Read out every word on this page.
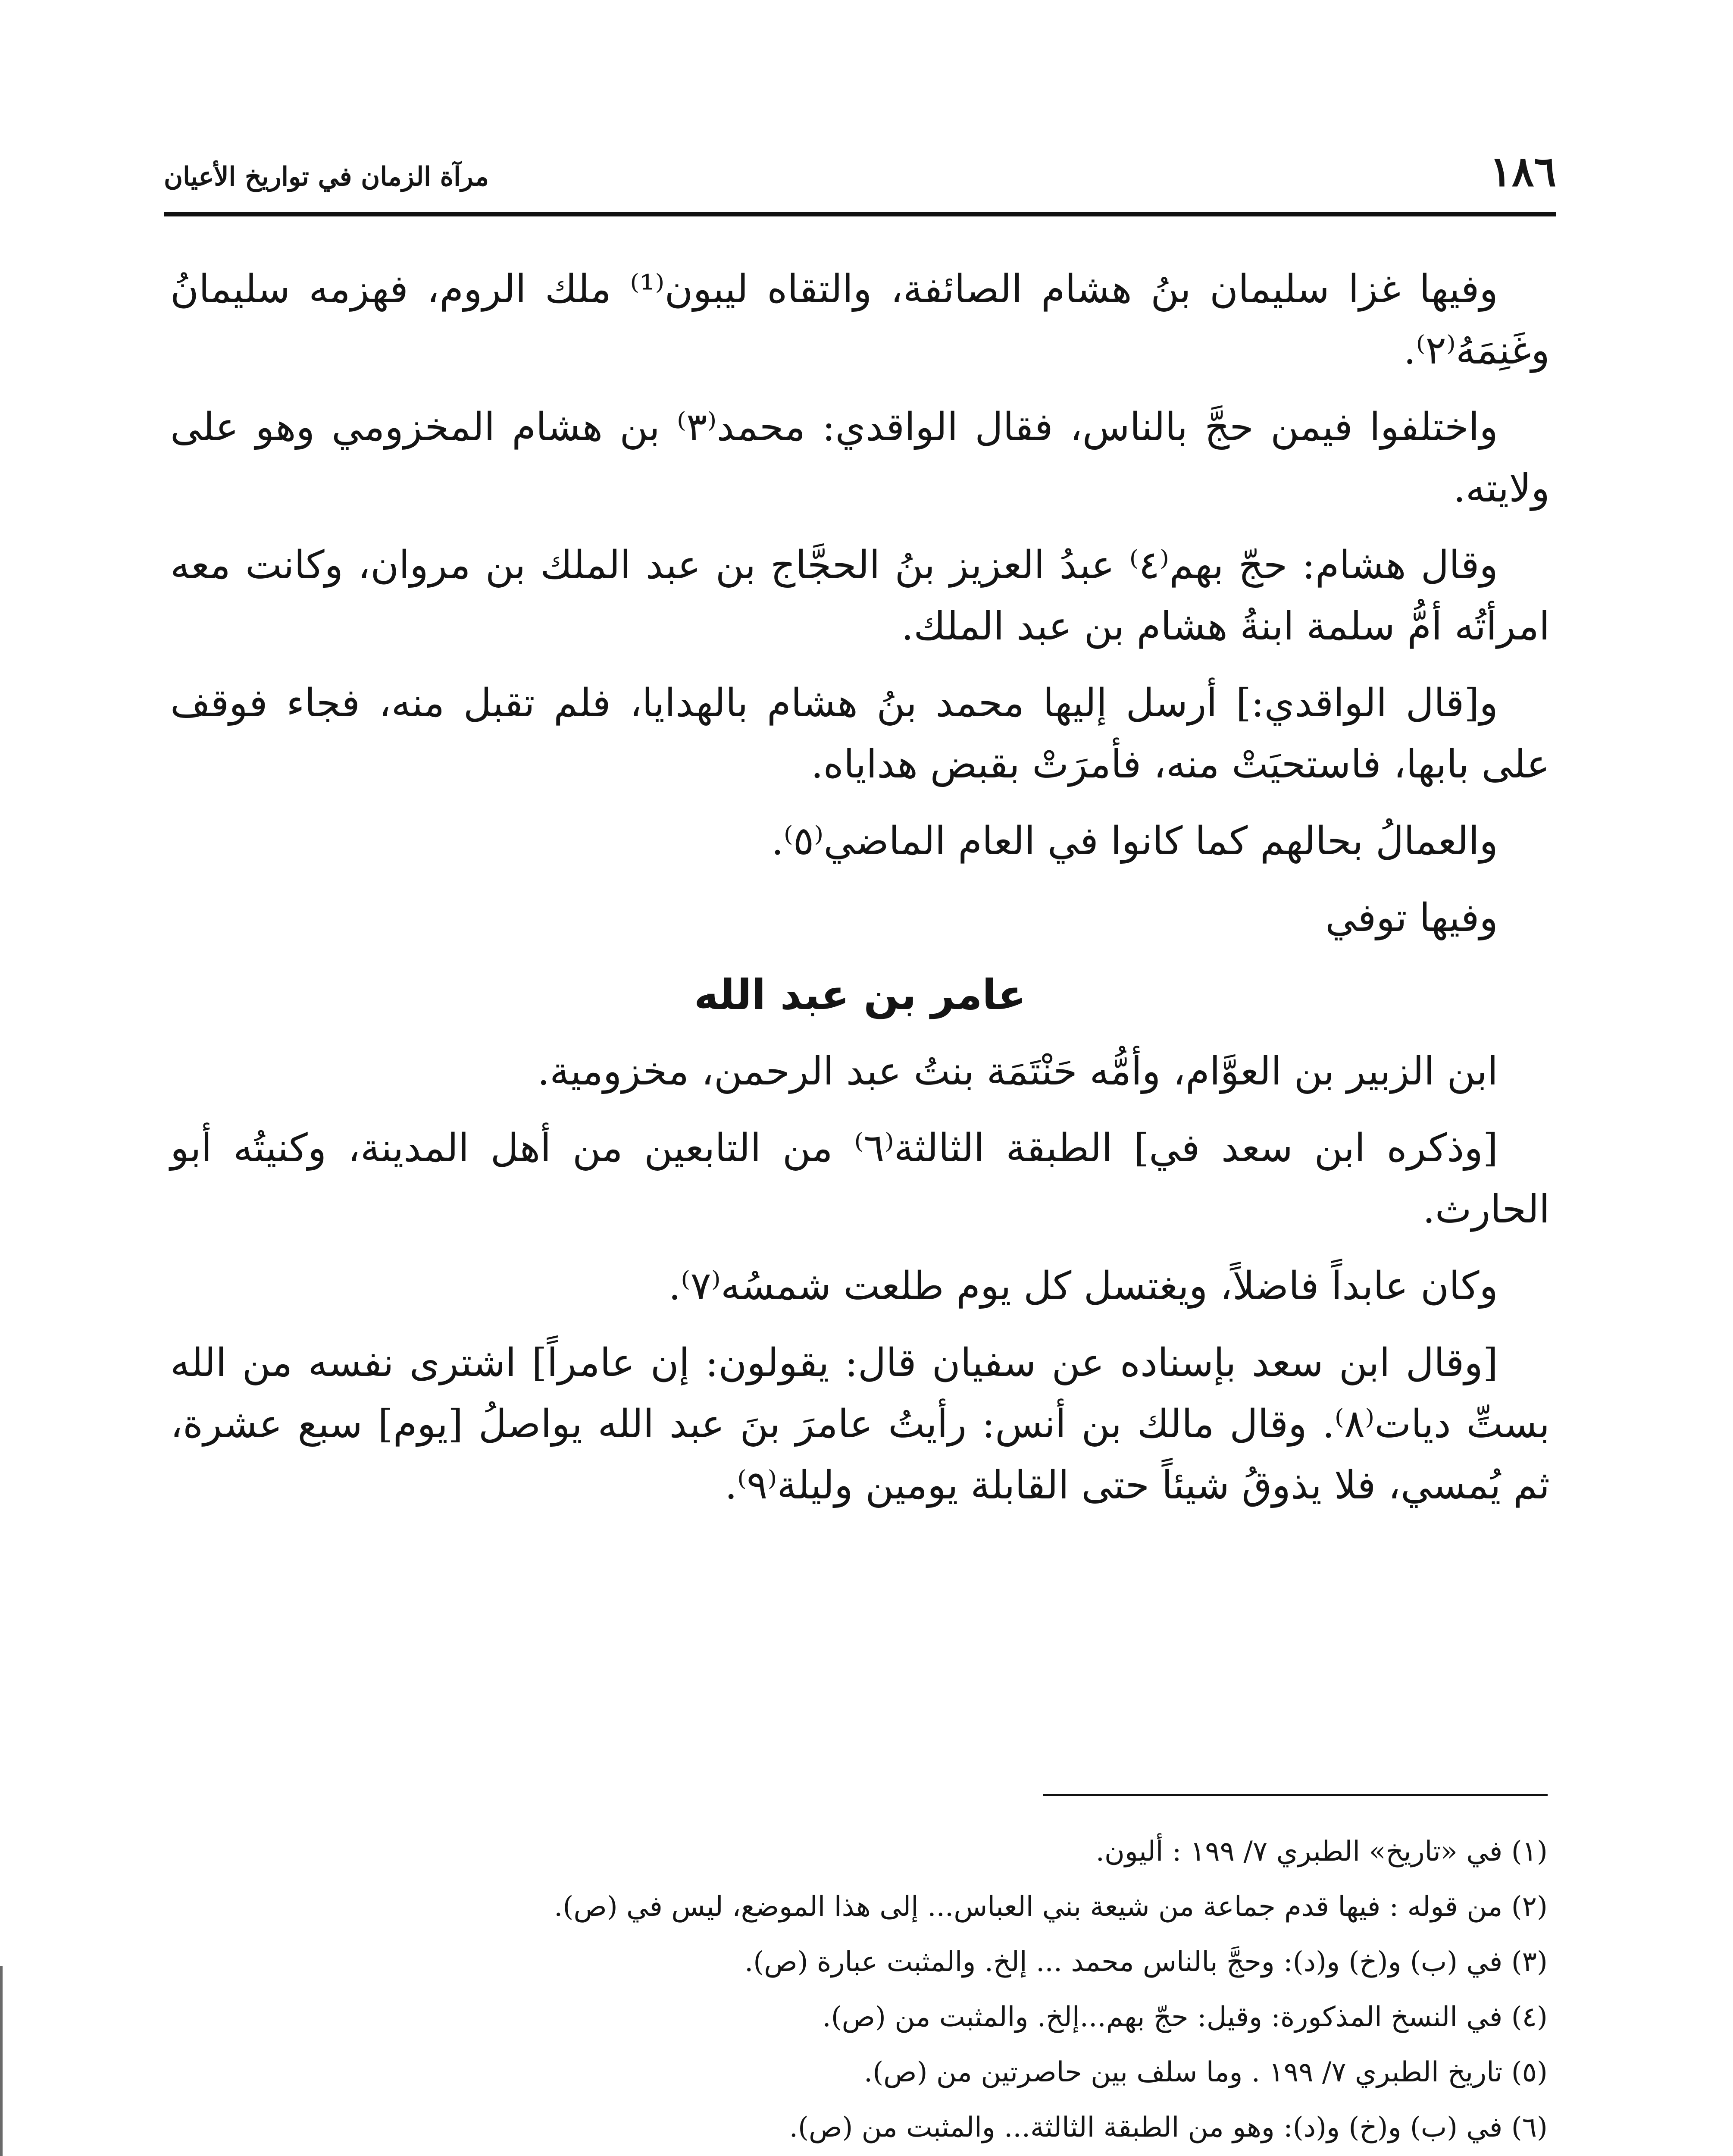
١٨٦
مرآة الزمان في تواريخ الأعيان

وفيها غزا سليمان بنُ هشام الصائفة، والتقاه ليبون⁽¹⁾ ملك الروم، فهزمه سليمانُ وغَنِمَهُ⁽٢⁾.

واختلفوا فيمن حجَّ بالناس، فقال الواقدي: محمد⁽٣⁾ بن هشام المخزومي وهو على ولايته.

وقال هشام: حجّ بهم⁽٤⁾ عبدُ العزيز بنُ الحجَّاج بن عبد الملك بن مروان، وكانت معه امرأتُه أمُّ سلمة ابنةُ هشام بن عبد الملك.

و[قال الواقدي:] أرسل إليها محمد بنُ هشام بالهدايا، فلم تقبل منه، فجاء فوقف على بابها، فاستحيَتْ منه، فأمرَتْ بقبض هداياه.

والعمالُ بحالهم كما كانوا في العام الماضي⁽٥⁾.

وفيها توفي

عامر بن عبد الله

ابن الزبير بن العوَّام، وأمُّه حَنْتَمَة بنتُ عبد الرحمن، مخزومية.

[وذكره ابن سعد في] الطبقة الثالثة⁽٦⁾ من التابعين من أهل المدينة، وكنيتُه أبو الحارث.

وكان عابداً فاضلاً، ويغتسل كل يوم طلعت شمسُه⁽٧⁾.

[وقال ابن سعد بإسناده عن سفيان قال: يقولون: إن عامراً] اشترى نفسه من الله بستِّ ديات⁽٨⁾. وقال مالك بن أنس: رأيتُ عامرَ بنَ عبد الله يواصلُ [يوم] سبع عشرة، ثم يُمسي، فلا يذوقُ شيئاً حتى القابلة يومين وليلة⁽٩⁾.

(١) في «تاريخ» الطبري ٧/ ١٩٩ : أليون.

(٢) من قوله : فيها قدم جماعة من شيعة بني العباس... إلى هذا الموضع، ليس في (ص).

(٣) في (ب) و(خ) و(د): وحجَّ بالناس محمد ... إلخ. والمثبت عبارة (ص).

(٤) في النسخ المذكورة: وقيل: حجّ بهم...إلخ. والمثبت من (ص).

(٥) تاريخ الطبري ٧/ ١٩٩ . وما سلف بين حاصرتين من (ص).

(٦) في (ب) و(خ) و(د): وهو من الطبقة الثالثة... والمثبت من (ص).
